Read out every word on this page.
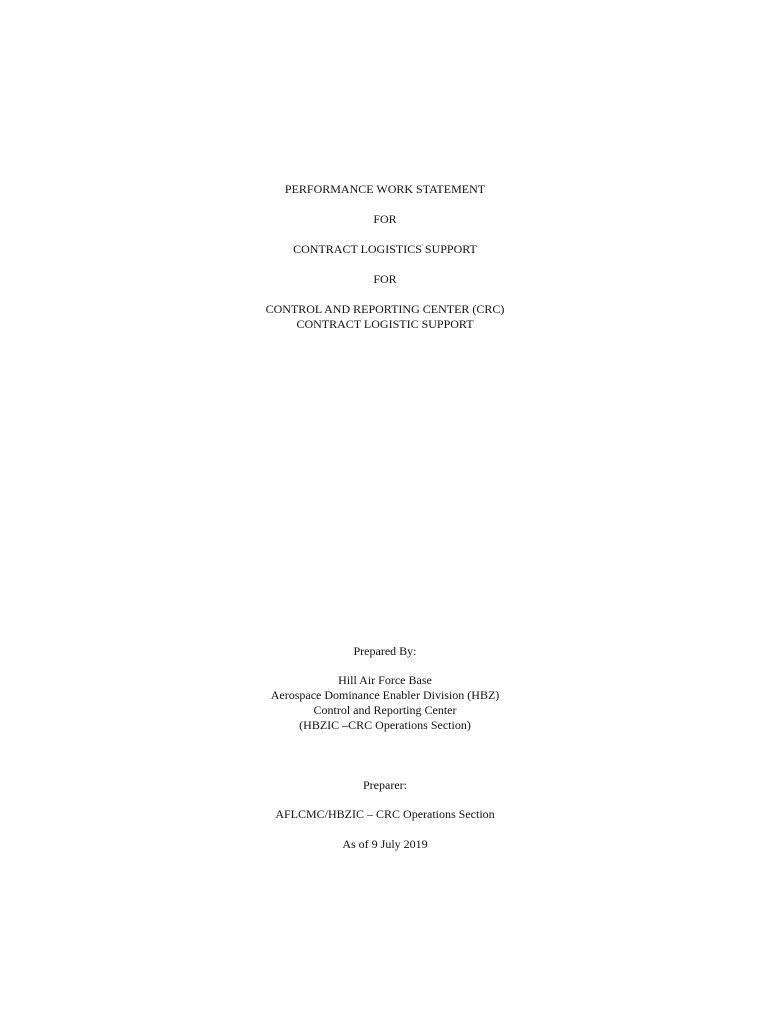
PERFORMANCE WORK STATEMENT
FOR
CONTRACT LOGISTICS SUPPORT
FOR
CONTROL AND REPORTING CENTER (CRC)
CONTRACT LOGISTIC SUPPORT
Prepared By:
Hill Air Force Base
Aerospace Dominance Enabler Division (HBZ)
Control and Reporting Center
(HBZIC –CRC Operations Section)
Preparer:
AFLCMC/HBZIC – CRC Operations Section
As of 9 July 2019
